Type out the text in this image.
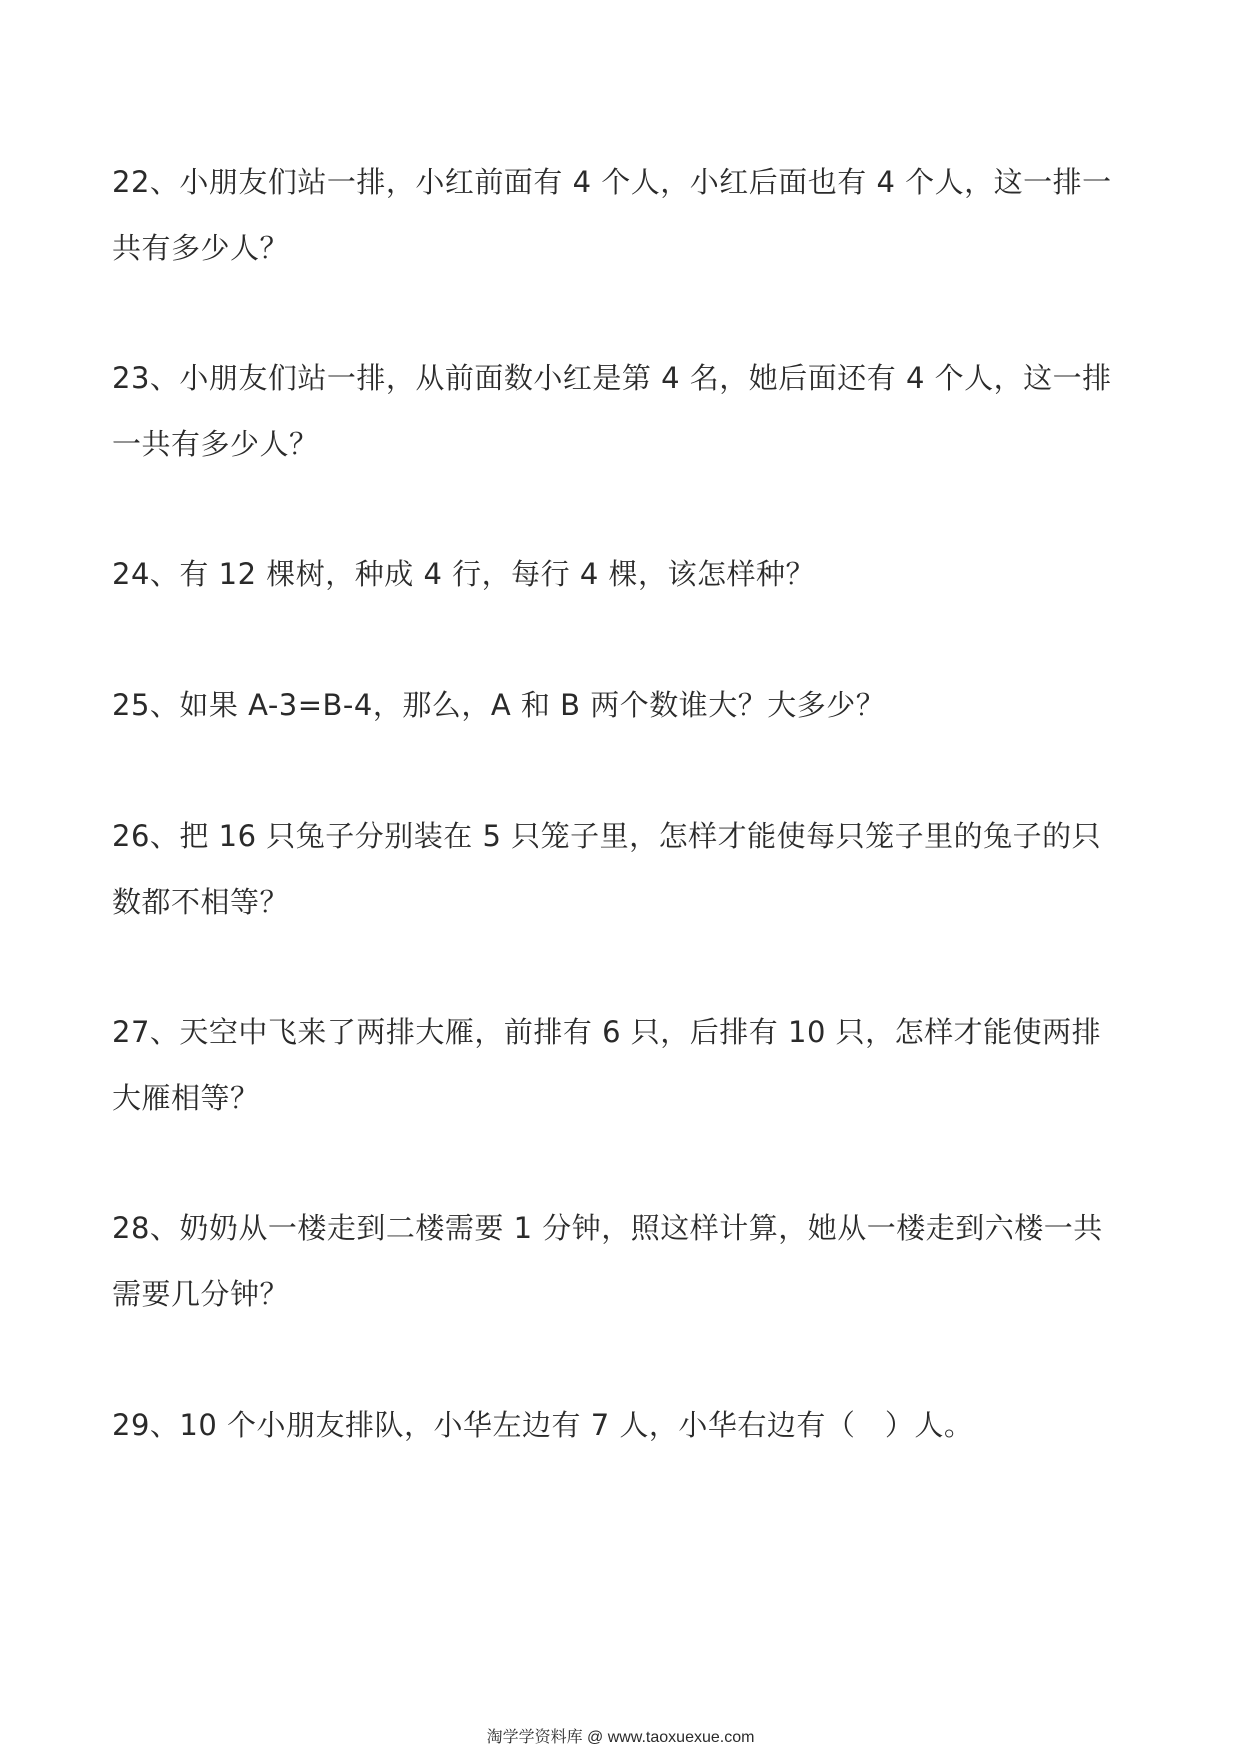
22、小朋友们站一排，小红前面有 4 个人，小红后面也有 4 个人，这一排一
共有多少人？
23、小朋友们站一排，从前面数小红是第 4 名，她后面还有 4 个人，这一排
一共有多少人？
24、有 12 棵树，种成 4 行，每行 4 棵，该怎样种？
25、如果 A-3=B-4，那么，A 和 B 两个数谁大？大多少？
26、把 16 只兔子分别装在 5 只笼子里，怎样才能使每只笼子里的兔子的只
数都不相等？
27、天空中飞来了两排大雁，前排有 6 只，后排有 10 只，怎样才能使两排
大雁相等？
28、奶奶从一楼走到二楼需要 1 分钟，照这样计算，她从一楼走到六楼一共
需要几分钟？
29、10 个小朋友排队，小华左边有 7 人，小华右边有（　）人。
淘学学资料库 @ www.taoxuexue.com
